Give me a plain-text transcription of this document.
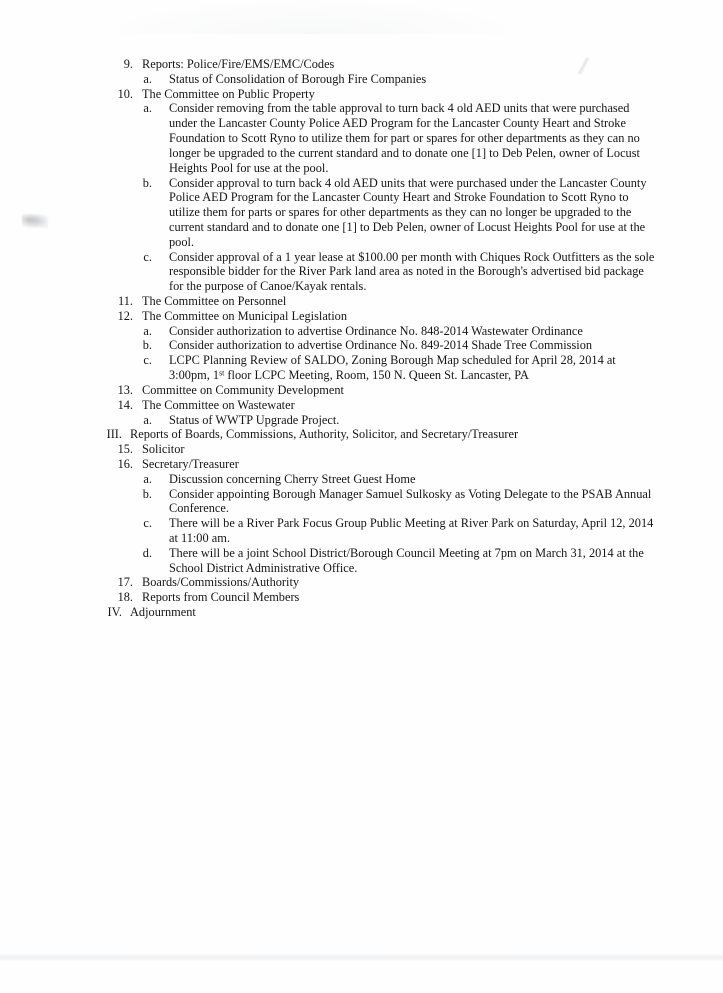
9. Reports: Police/Fire/EMS/EMC/Codes
a. Status of Consolidation of Borough Fire Companies
10. The Committee on Public Property
a. Consider removing from the table approval to turn back 4 old AED units that were purchased under the Lancaster County Police AED Program for the Lancaster County Heart and Stroke Foundation to Scott Ryno to utilize them for part or spares for other departments as they can no longer be upgraded to the current standard and to donate one [1] to Deb Pelen, owner of Locust Heights Pool for use at the pool.
b. Consider approval to turn back 4 old AED units that were purchased under the Lancaster County Police AED Program for the Lancaster County Heart and Stroke Foundation to Scott Ryno to utilize them for parts or spares for other departments as they can no longer be upgraded to the current standard and to donate one [1] to Deb Pelen, owner of Locust Heights Pool for use at the pool.
c. Consider approval of a 1 year lease at $100.00 per month with Chiques Rock Outfitters as the sole responsible bidder for the River Park land area as noted in the Borough's advertised bid package for the purpose of Canoe/Kayak rentals.
11. The Committee on Personnel
12. The Committee on Municipal Legislation
a. Consider authorization to advertise Ordinance No. 848-2014 Wastewater Ordinance
b. Consider authorization to advertise Ordinance No. 849-2014 Shade Tree Commission
c. LCPC Planning Review of SALDO, Zoning Borough Map scheduled for April 28, 2014 at 3:00pm, 1st floor LCPC Meeting, Room, 150 N. Queen St. Lancaster, PA
13. Committee on Community Development
14. The Committee on Wastewater
a. Status of WWTP Upgrade Project.
III. Reports of Boards, Commissions, Authority, Solicitor, and Secretary/Treasurer
15. Solicitor
16. Secretary/Treasurer
a. Discussion concerning Cherry Street Guest Home
b. Consider appointing Borough Manager Samuel Sulkosky as Voting Delegate to the PSAB Annual Conference.
c. There will be a River Park Focus Group Public Meeting at River Park on Saturday, April 12, 2014 at 11:00 am.
d. There will be a joint School District/Borough Council Meeting at 7pm on March 31, 2014 at the School District Administrative Office.
17. Boards/Commissions/Authority
18. Reports from Council Members
IV. Adjournment
